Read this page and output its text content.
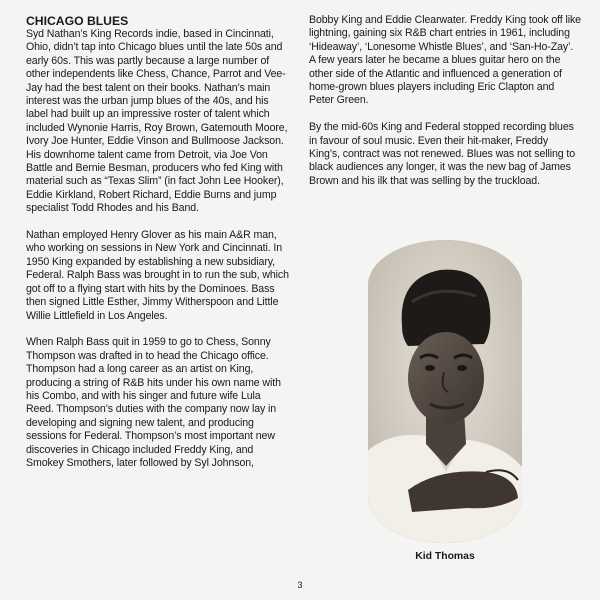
CHICAGO BLUES

Syd Nathan’s King Records indie, based in Cincinnati, Ohio, didn’t tap into Chicago blues until the late 50s and early 60s. This was partly because a large number of other independents like Chess, Chance, Parrot and Vee-Jay had the best talent on their books. Nathan’s main interest was the urban jump blues of the 40s, and his label had built up an impressive roster of talent which included Wynonie Harris, Roy Brown, Gatemouth Moore, Ivory Joe Hunter, Eddie Vinson and Bullmoose Jackson. His downhome talent came from Detroit, via Joe Von Battle and Bernie Besman, producers who fed King with material such as “Texas Slim” (in fact John Lee Hooker), Eddie Kirkland, Robert Richard, Eddie Burns and jump specialist Todd Rhodes and his Band.

Nathan employed Henry Glover as his main A&R man, who working on sessions in New York and Cincinnati. In 1950 King expanded by establishing a new subsidiary, Federal. Ralph Bass was brought in to run the sub, which got off to a flying start with hits by the Dominoes. Bass then signed Little Esther, Jimmy Witherspoon and Little Willie Littlefield in Los Angeles.

When Ralph Bass quit in 1959 to go to Chess, Sonny Thompson was drafted in to head the Chicago office. Thompson had a long career as an artist on King, producing a string of R&B hits under his own name with his Combo, and with his singer and future wife Lula Reed. Thompson’s duties with the company now lay in developing and signing new talent, and producing sessions for Federal. Thompson’s most important new discoveries in Chicago included Freddy King, and Smokey Smothers, later followed by Syl Johnson,

Bobby King and Eddie Clearwater. Freddy King took off like lightning, gaining six R&B chart entries in 1961, including ‘Hideaway’, ‘Lonesome Whistle Blues’, and ‘San-Ho-Zay’. A few years later he became a blues guitar hero on the other side of the Atlantic and influenced a generation of home-grown blues players including Eric Clapton and Peter Green.

By the mid-60s King and Federal stopped recording blues in favour of soul music. Even their hit-maker, Freddy King’s, contract was not renewed. Blues was not selling to black audiences any longer, it was the new bag of James Brown and his ilk that was selling by the truckload.

Kid Thomas
3
